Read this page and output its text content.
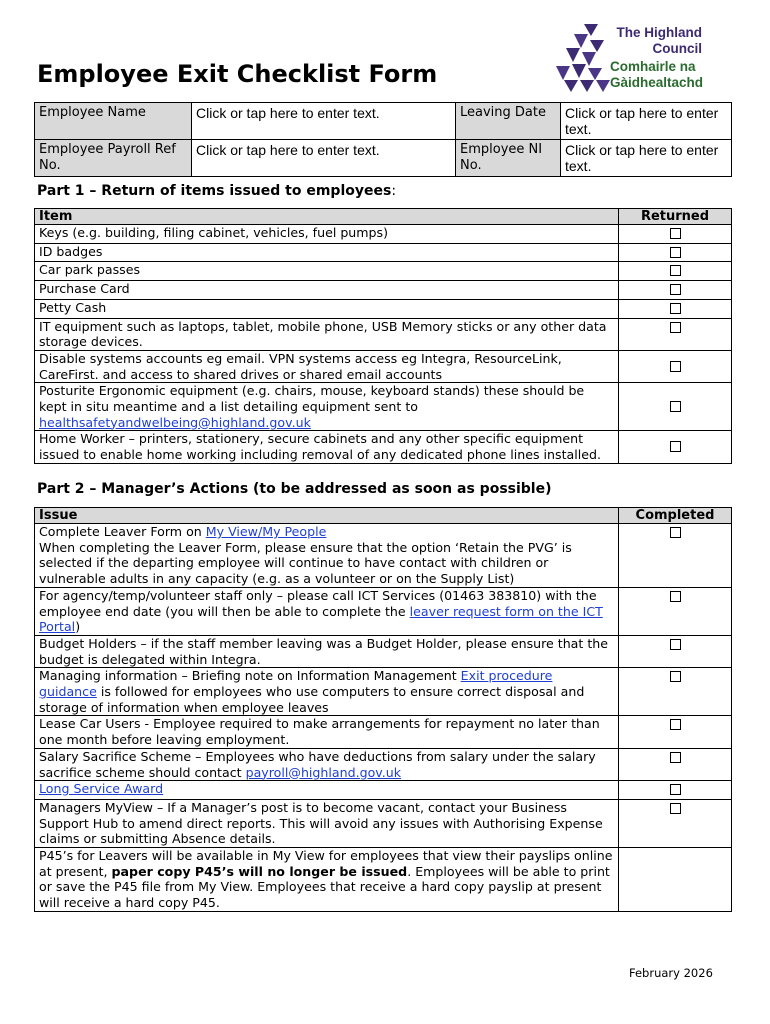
Employee Exit Checklist Form
The Highland
Council
Comhairle na
Gàidhealtachd
Employee Name	Click or tap here to enter text.	Leaving Date	Click or tap here to enter text.
Employee Payroll Ref No.	Click or tap here to enter text.	Employee NI No.	Click or tap here to enter text.

Part 1 – Return of items issued to employees:

Item	Returned
Keys (e.g. building, filing cabinet, vehicles, fuel pumps)	
ID badges	
Car park passes	
Purchase Card	
Petty Cash	
IT equipment such as laptops, tablet, mobile phone, USB Memory sticks or any other data storage devices.	
Disable systems accounts eg email. VPN systems access eg Integra, ResourceLink, CareFirst. and access to shared drives or shared email accounts	
Posturite Ergonomic equipment (e.g. chairs, mouse, keyboard stands) these should be kept in situ meantime and a list detailing equipment sent to healthsafetyandwelbeing@highland.gov.uk	
Home Worker – printers, stationery, secure cabinets and any other specific equipment issued to enable home working including removal of any dedicated phone lines installed.	

Part 2 – Manager’s Actions (to be addressed as soon as possible)

Issue	Completed
Complete Leaver Form on My View/My People
When completing the Leaver Form, please ensure that the option ‘Retain the PVG’ is selected if the departing employee will continue to have contact with children or vulnerable adults in any capacity (e.g. as a volunteer or on the Supply List)	
For agency/temp/volunteer staff only – please call ICT Services (01463 383810) with the employee end date (you will then be able to complete the leaver request form on the ICT Portal)	
Budget Holders – if the staff member leaving was a Budget Holder, please ensure that the budget is delegated within Integra.	
Managing information – Briefing note on Information Management Exit procedure guidance is followed for employees who use computers to ensure correct disposal and storage of information when employee leaves	
Lease Car Users - Employee required to make arrangements for repayment no later than one month before leaving employment.	
Salary Sacrifice Scheme – Employees who have deductions from salary under the salary sacrifice scheme should contact payroll@highland.gov.uk	
Long Service Award	
Managers MyView – If a Manager’s post is to become vacant, contact your Business Support Hub to amend direct reports. This will avoid any issues with Authorising Expense claims or submitting Absence details.	
P45’s for Leavers will be available in My View for employees that view their payslips online at present, paper copy P45’s will no longer be issued. Employees will be able to print or save the P45 file from My View. Employees that receive a hard copy payslip at present will receive a hard copy P45.	
February 2026
